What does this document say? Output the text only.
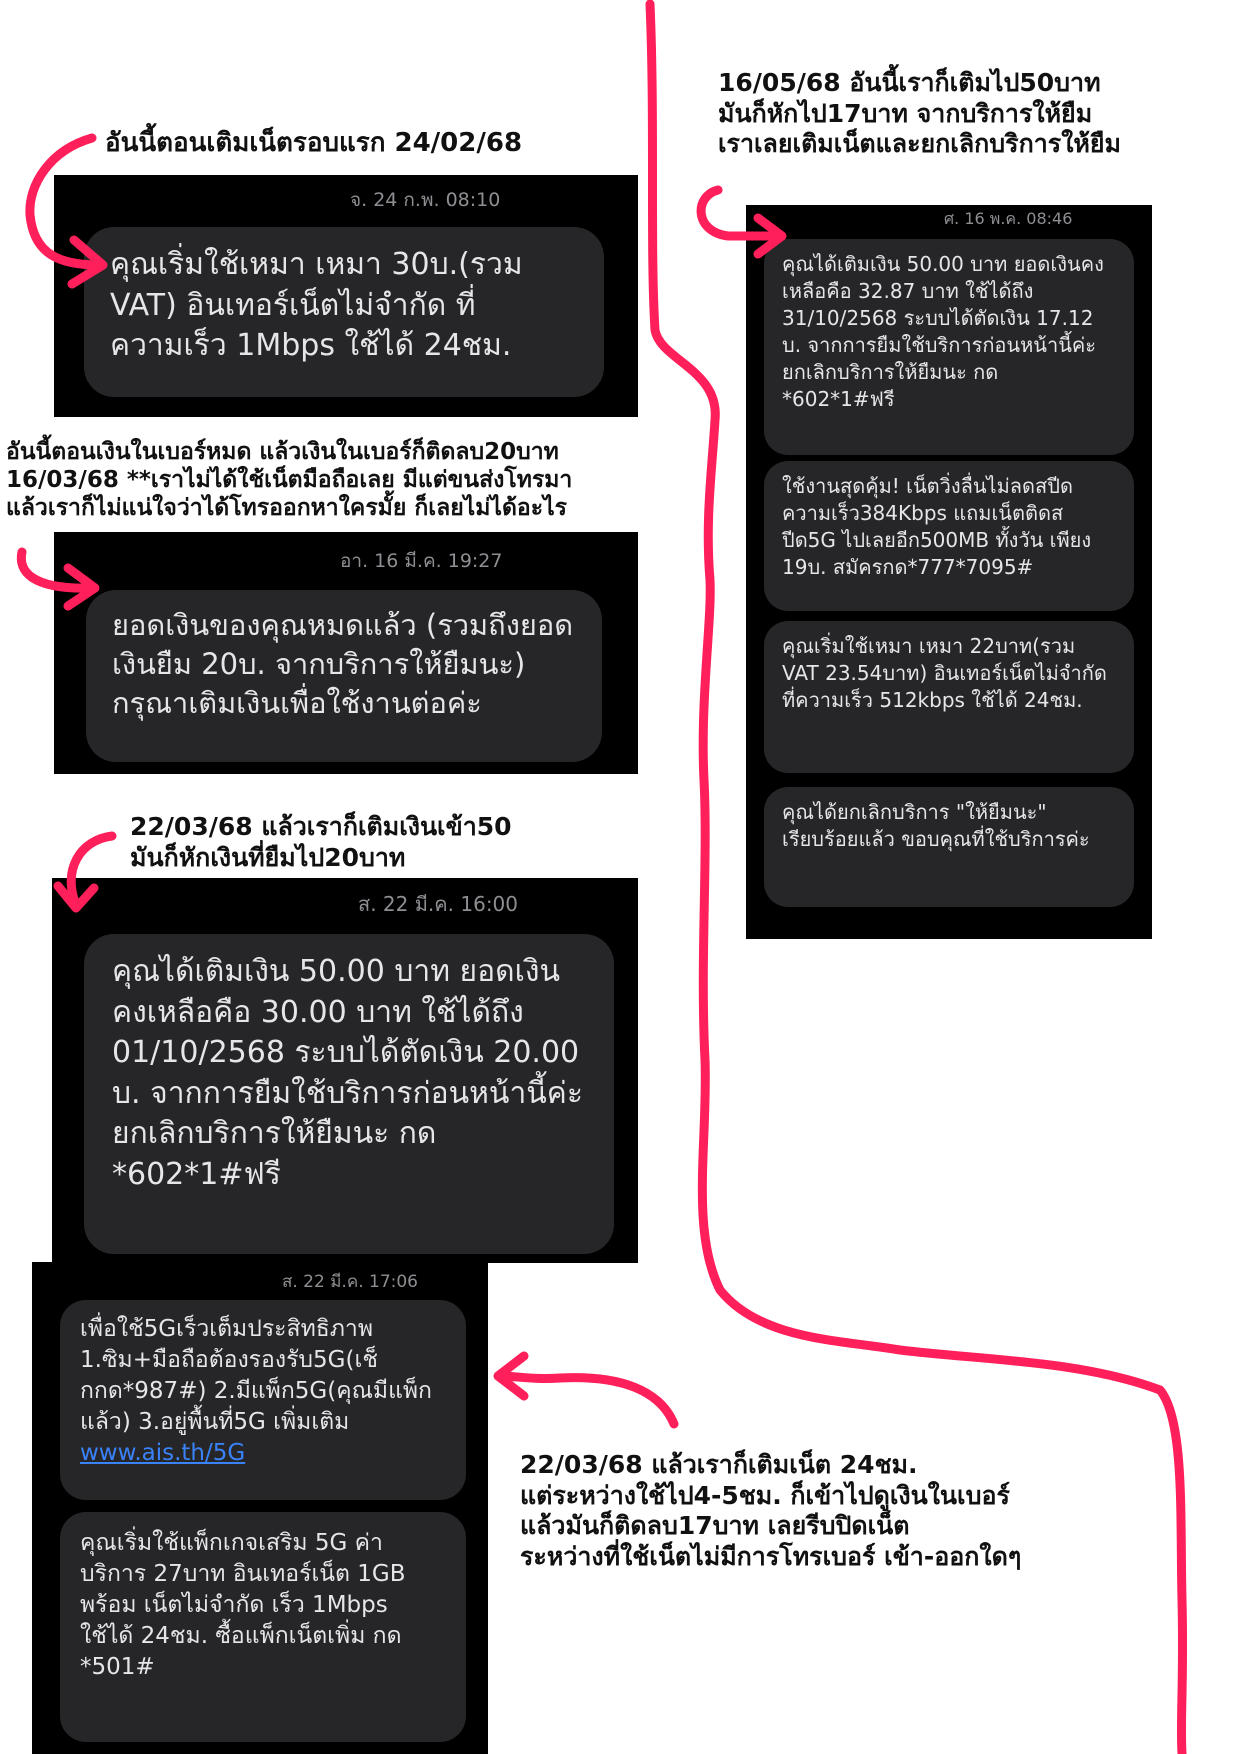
อันนี้ตอนเติมเน็ตรอบแรก 24/02/68
อันนี้ตอนเงินในเบอร์หมด แล้วเงินในเบอร์ก็ติดลบ20บาท
16/03/68 **เราไม่ได้ใช้เน็ตมือถือเลย มีแต่ขนส่งโทรมา
แล้วเราก็ไม่แน่ใจว่าได้โทรออกหาใครมั้ย ก็เลยไม่ได้อะไร
22/03/68 แล้วเราก็เติมเงินเข้า50
มันก็หักเงินที่ยืมไป20บาท
16/05/68 อันนี้เราก็เติมไป50บาท
มันก็หักไป17บาท จากบริการให้ยืม
เราเลยเติมเน็ตและยกเลิกบริการให้ยืม
22/03/68 แล้วเราก็เติมเน็ต 24ชม.
แต่ระหว่างใช้ไป4-5ชม. ก็เข้าไปดูเงินในเบอร์
แล้วมันก็ติดลบ17บาท เลยรีบปิดเน็ต
ระหว่างที่ใช้เน็ตไม่มีการโทรเบอร์ เข้า-ออกใดๆ
จ. 24 ก.พ. 08:10
คุณเริ่มใช้เหมา เหมา 30บ.(รวม VAT) อินเทอร์เน็ตไม่จำกัด ที่ความเร็ว 1Mbps ใช้ได้ 24ชม.
อา. 16 มี.ค. 19:27
ยอดเงินของคุณหมดแล้ว (รวมถึงยอดเงินยืม 20บ. จากบริการให้ยืมนะ) กรุณาเติมเงินเพื่อใช้งานต่อค่ะ
ส. 22 มี.ค. 16:00
คุณได้เติมเงิน 50.00 บาท ยอดเงินคงเหลือคือ 30.00 บาท ใช้ได้ถึง 01/10/2568 ระบบได้ตัดเงิน 20.00 บ. จากการยืมใช้บริการก่อนหน้านี้ค่ะ ยกเลิกบริการให้ยืมนะ กด *602*1#ฟรี
ส. 22 มี.ค. 17:06
เพื่อใช้5Gเร็วเต็มประสิทธิภาพ 1.ซิม+มือถือต้องรองรับ5G(เช็กกด*987#) 2.มีแพ็ก5G(คุณมีแพ็กแล้ว) 3.อยู่พื้นที่5G เพิ่มเติม
www.ais.th/5G
คุณเริ่มใช้แพ็กเกจเสริม 5G ค่าบริการ 27บาท อินเทอร์เน็ต 1GB พร้อม เน็ตไม่จำกัด เร็ว 1Mbps ใช้ได้ 24ชม. ซื้อแพ็กเน็ตเพิ่ม กด *501#
ศ. 16 พ.ค. 08:46
คุณได้เติมเงิน 50.00 บาท ยอดเงินคงเหลือคือ 32.87 บาท ใช้ได้ถึง 31/10/2568 ระบบได้ตัดเงิน 17.12 บ. จากการยืมใช้บริการก่อนหน้านี้ค่ะ ยกเลิกบริการให้ยืมนะ กด *602*1#ฟรี
ใช้งานสุดคุ้ม! เน็ตวิ่งลื่นไม่ลดสปีดความเร็ว384Kbps แถมเน็ตติดสปีด5G ไปเลยอีก500MB ทั้งวัน เพียง 19บ. สมัครกด*777*7095#
คุณเริ่มใช้เหมา เหมา 22บาท(รวม VAT 23.54บาท) อินเทอร์เน็ตไม่จำกัด ที่ความเร็ว 512kbps ใช้ได้ 24ชม.
คุณได้ยกเลิกบริการ "ให้ยืมนะ" เรียบร้อยแล้ว ขอบคุณที่ใช้บริการค่ะ
